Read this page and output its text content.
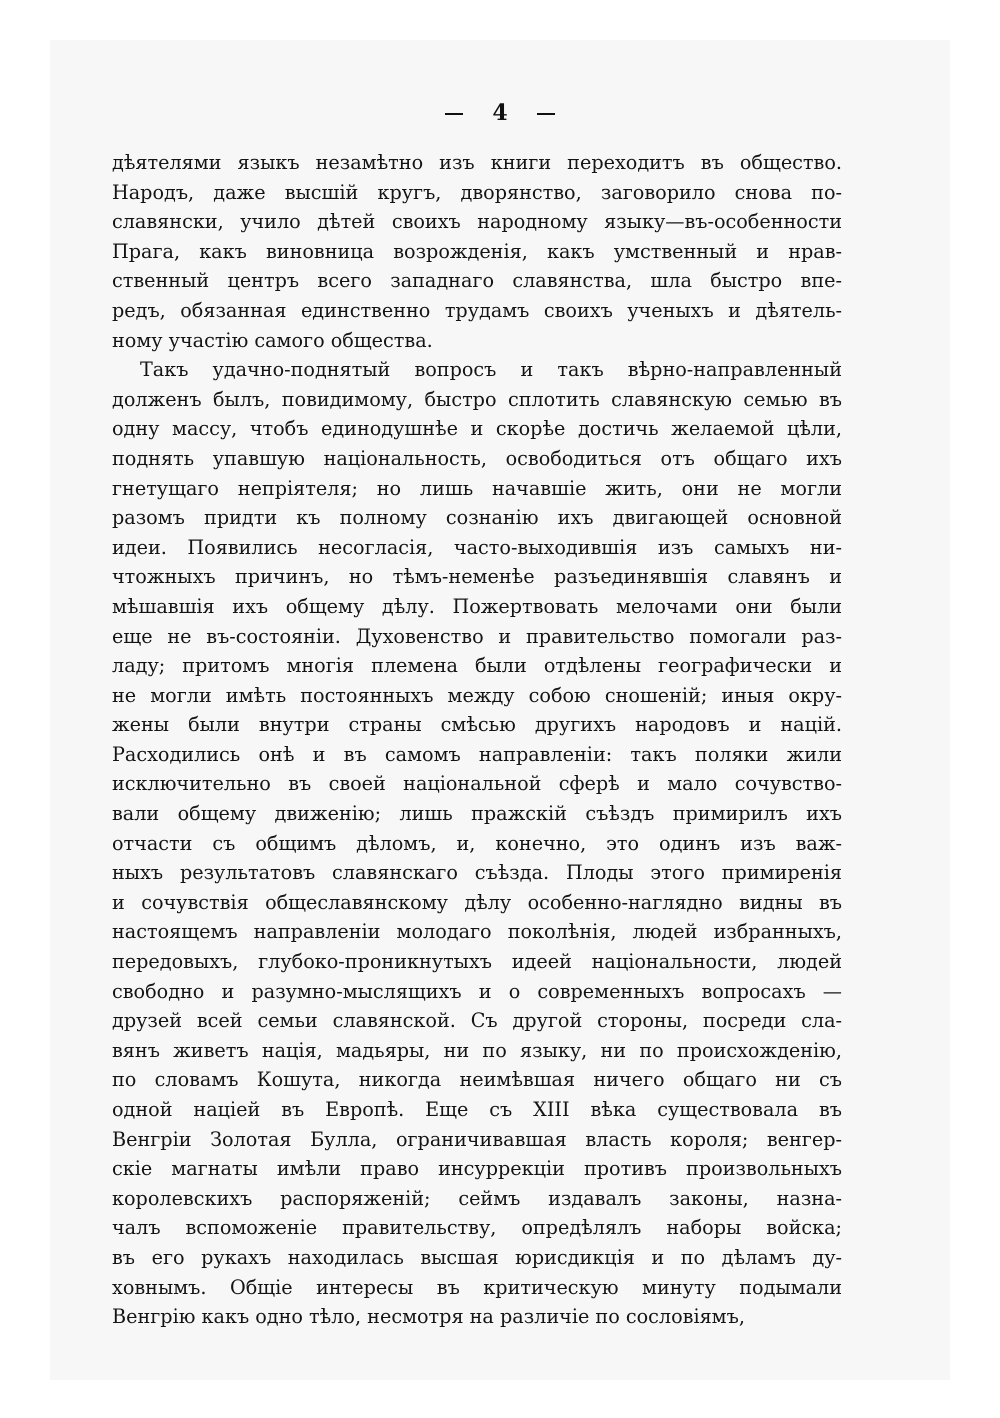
4
дѣятелями языкъ незамѣтно изъ книги переходитъ въ общество.
Народъ, даже высшій кругъ, дворянство, заговорило снова по-
славянски, учило дѣтей своихъ народному языку—въ-особенности
Прага, какъ виновница возрожденія, какъ умственный и нрав-
ственный центръ всего западнаго славянства, шла быстро впе-
редъ, обязанная единственно трудамъ своихъ ученыхъ и дѣятель-
ному участію самого общества.
Такъ удачно-поднятый вопросъ и такъ вѣрно-направленный
долженъ былъ, повидимому, быстро сплотить славянскую семью въ
одну массу, чтобъ единодушнѣе и скорѣе достичь желаемой цѣли,
поднять упавшую національность, освободиться отъ общаго ихъ
гнетущаго непріятеля; но лишь начавшіе жить, они не могли
разомъ придти къ полному сознанію ихъ двигающей основной
идеи. Появились несогласія, часто-выходившія изъ самыхъ ни-
чтожныхъ причинъ, но тѣмъ-неменѣе разъединявшія славянъ и
мѣшавшія ихъ общему дѣлу. Пожертвовать мелочами они были
еще не въ-состояніи. Духовенство и правительство помогали раз-
ладу; притомъ многія племена были отдѣлены географически и
не могли имѣть постоянныхъ между собою сношеній; иныя окру-
жены были внутри страны смѣсью другихъ народовъ и націй.
Расходились онѣ и въ самомъ направленіи: такъ поляки жили
исключительно въ своей національной сферѣ и мало сочувство-
вали общему движенію; лишь пражскій съѣздъ примирилъ ихъ
отчасти съ общимъ дѣломъ, и, конечно, это одинъ изъ важ-
ныхъ результатовъ славянскаго съѣзда. Плоды этого примиренія
и сочувствія общеславянскому дѣлу особенно-наглядно видны въ
настоящемъ направленіи молодаго поколѣнія, людей избранныхъ,
передовыхъ, глубоко-проникнутыхъ идеей національности, людей
свободно и разумно-мыслящихъ и о современныхъ вопросахъ —
друзей всей семьи славянской. Съ другой стороны, посреди сла-
вянъ живетъ нація, мадьяры, ни по языку, ни по происхожденію,
по словамъ Кошута, никогда неимѣвшая ничего общаго ни съ
одной націей въ Европѣ. Еще съ XIII вѣка существовала въ
Венгріи Золотая Булла, ограничивавшая власть короля; венгер-
скіе магнаты имѣли право инсуррекціи противъ произвольныхъ
королевскихъ распоряженій; сеймъ издавалъ законы, назна-
чалъ вспоможеніе правительству, опредѣлялъ наборы войска;
въ его рукахъ находилась высшая юрисдикція и по дѣламъ ду-
ховнымъ. Общіе интересы въ критическую минуту подымали
Венгрію какъ одно тѣло, несмотря на различіе по сословіямъ,
